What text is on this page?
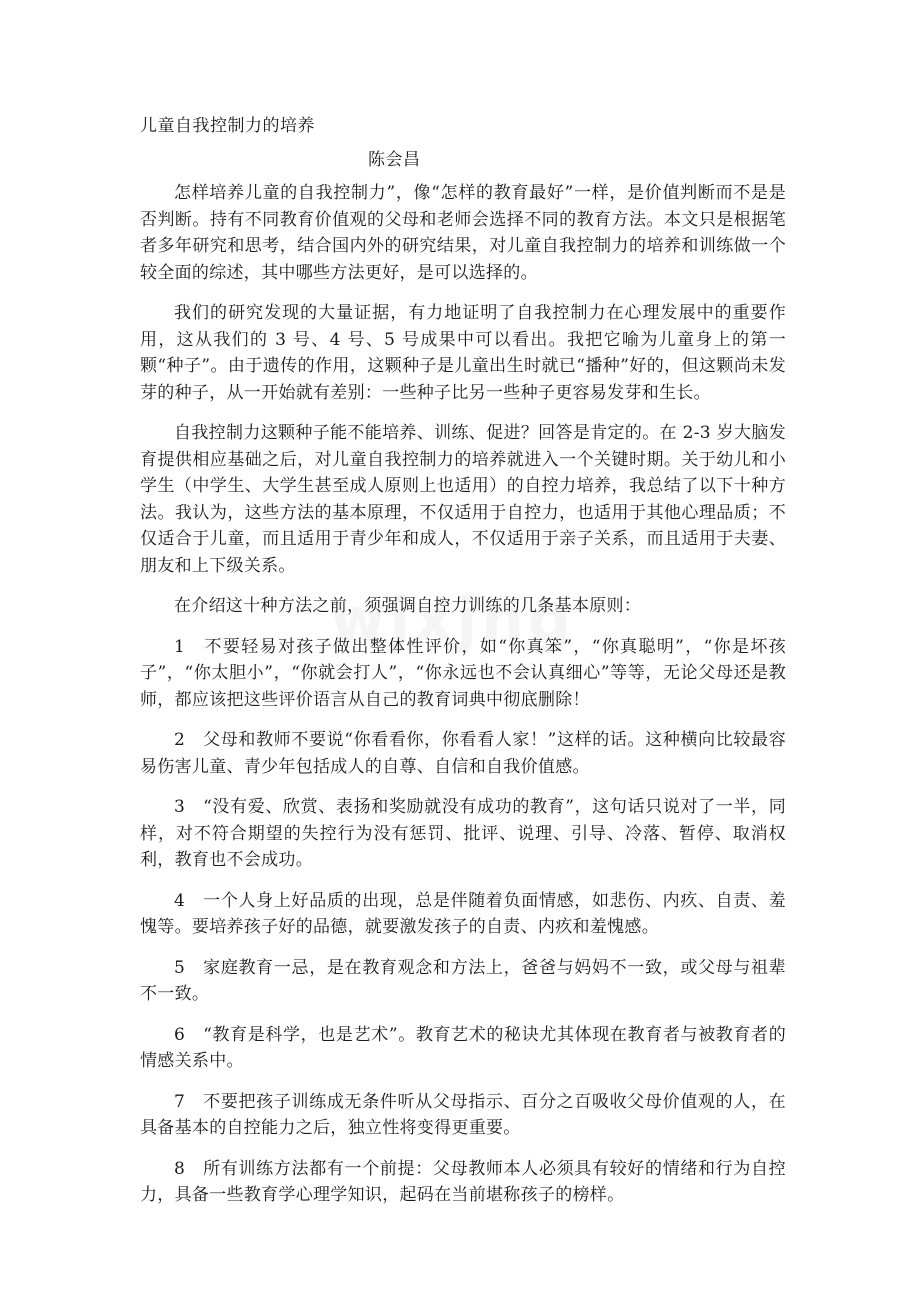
儿童自我控制力的培养
陈会昌

怎样培养儿童的自我控制力”，像“怎样的教育最好”一样，是价值判断而不是是否判断。持有不同教育价值观的父母和老师会选择不同的教育方法。本文只是根据笔者多年研究和思考，结合国内外的研究结果，对儿童自我控制力的培养和训练做一个较全面的综述，其中哪些方法更好，是可以选择的。

我们的研究发现的大量证据，有力地证明了自我控制力在心理发展中的重要作用，这从我们的 3 号、4 号、5 号成果中可以看出。我把它喻为儿童身上的第一颗“种子”。由于遗传的作用，这颗种子是儿童出生时就已“播种”好的，但这颗尚未发芽的种子，从一开始就有差别：一些种子比另一些种子更容易发芽和生长。

自我控制力这颗种子能不能培养、训练、促进？回答是肯定的。在 2-3 岁大脑发育提供相应基础之后，对儿童自我控制力的培养就进入一个关键时期。关于幼儿和小学生（中学生、大学生甚至成人原则上也适用）的自控力培养，我总结了以下十种方法。我认为，这些方法的基本原理，不仅适用于自控力，也适用于其他心理品质；不仅适合于儿童，而且适用于青少年和成人，不仅适用于亲子关系，而且适用于夫妻、朋友和上下级关系。

在介绍这十种方法之前，须强调自控力训练的几条基本原则：

1　不要轻易对孩子做出整体性评价，如“你真笨”，“你真聪明”，“你是坏孩子”，“你太胆小”，“你就会打人”，“你永远也不会认真细心”等等，无论父母还是教师，都应该把这些评价语言从自己的教育词典中彻底删除！

2　父母和教师不要说“你看看你，你看看人家！”这样的话。这种横向比较最容易伤害儿童、青少年包括成人的自尊、自信和自我价值感。

3　“没有爱、欣赏、表扬和奖励就没有成功的教育”，这句话只说对了一半，同样，对不符合期望的失控行为没有惩罚、批评、说理、引导、冷落、暂停、取消权利，教育也不会成功。

4　一个人身上好品质的出现，总是伴随着负面情感，如悲伤、内疚、自责、羞愧等。要培养孩子好的品德，就要激发孩子的自责、内疚和羞愧感。

5　家庭教育一忌，是在教育观念和方法上，爸爸与妈妈不一致，或父母与祖辈不一致。

6　“教育是科学，也是艺术”。教育艺术的秘诀尤其体现在教育者与被教育者的情感关系中。

7　不要把孩子训练成无条件听从父母指示、百分之百吸收父母价值观的人，在具备基本的自控能力之后，独立性将变得更重要。

8　所有训练方法都有一个前提：父母教师本人必须具有较好的情绪和行为自控力，具备一些教育学心理学知识，起码在当前堪称孩子的榜样。
